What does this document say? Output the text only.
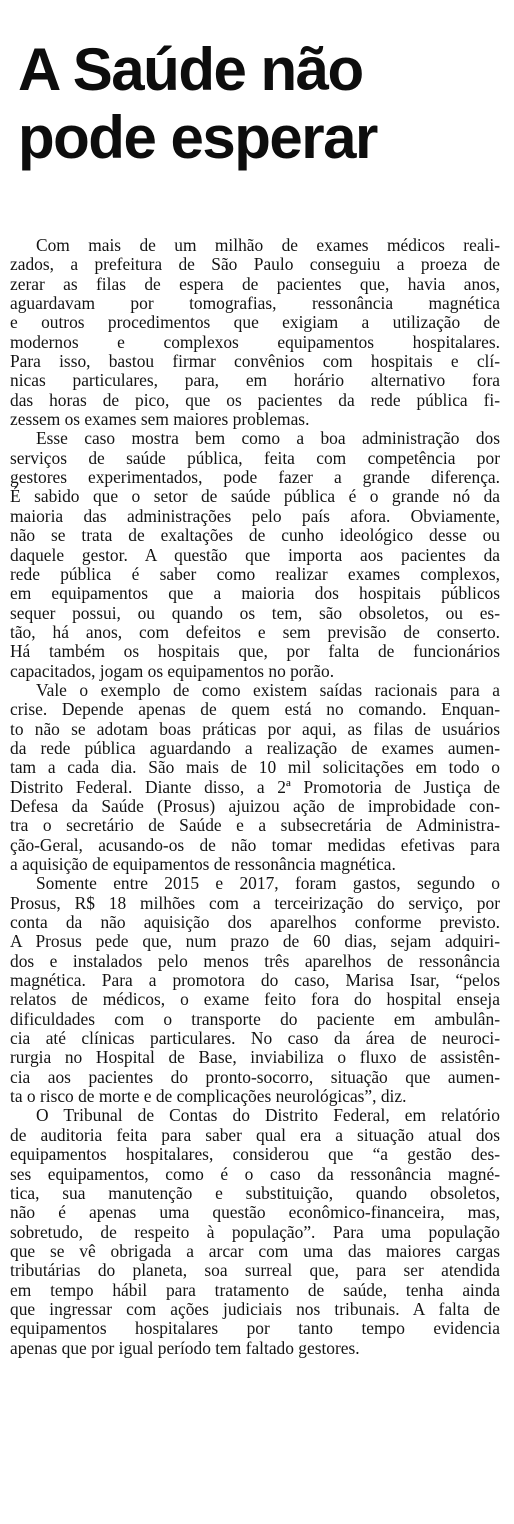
A Saúde não
pode esperar
Com mais de um milhão de exames médicos reali-
zados, a prefeitura de São Paulo conseguiu a proeza de
zerar as filas de espera de pacientes que, havia anos,
aguardavam por tomografias, ressonância magnética
e outros procedimentos que exigiam a utilização de
modernos e complexos equipamentos hospitalares.
Para isso, bastou firmar convênios com hospitais e clí-
nicas particulares, para, em horário alternativo fora
das horas de pico, que os pacientes da rede pública fi-
zessem os exames sem maiores problemas.
Esse caso mostra bem como a boa administração dos
serviços de saúde pública, feita com competência por
gestores experimentados, pode fazer a grande diferença.
É sabido que o setor de saúde pública é o grande nó da
maioria das administrações pelo país afora. Obviamente,
não se trata de exaltações de cunho ideológico desse ou
daquele gestor. A questão que importa aos pacientes da
rede pública é saber como realizar exames complexos,
em equipamentos que a maioria dos hospitais públicos
sequer possui, ou quando os tem, são obsoletos, ou es-
tão, há anos, com defeitos e sem previsão de conserto.
Há também os hospitais que, por falta de funcionários
capacitados, jogam os equipamentos no porão.
Vale o exemplo de como existem saídas racionais para a
crise. Depende apenas de quem está no comando. Enquan-
to não se adotam boas práticas por aqui, as filas de usuários
da rede pública aguardando a realização de exames aumen-
tam a cada dia. São mais de 10 mil solicitações em todo o
Distrito Federal. Diante disso, a 2ª Promotoria de Justiça de
Defesa da Saúde (Prosus) ajuizou ação de improbidade con-
tra o secretário de Saúde e a subsecretária de Administra-
ção-Geral, acusando-os de não tomar medidas efetivas para
a aquisição de equipamentos de ressonância magnética.
Somente entre 2015 e 2017, foram gastos, segundo o
Prosus, R$ 18 milhões com a terceirização do serviço, por
conta da não aquisição dos aparelhos conforme previsto.
A Prosus pede que, num prazo de 60 dias, sejam adquiri-
dos e instalados pelo menos três aparelhos de ressonância
magnética. Para a promotora do caso, Marisa Isar, “pelos
relatos de médicos, o exame feito fora do hospital enseja
dificuldades com o transporte do paciente em ambulân-
cia até clínicas particulares. No caso da área de neuroci-
rurgia no Hospital de Base, inviabiliza o fluxo de assistên-
cia aos pacientes do pronto-socorro, situação que aumen-
ta o risco de morte e de complicações neurológicas”, diz.
O Tribunal de Contas do Distrito Federal, em relatório
de auditoria feita para saber qual era a situação atual dos
equipamentos hospitalares, considerou que “a gestão des-
ses equipamentos, como é o caso da ressonância magné-
tica, sua manutenção e substituição, quando obsoletos,
não é apenas uma questão econômico-financeira, mas,
sobretudo, de respeito à população”. Para uma população
que se vê obrigada a arcar com uma das maiores cargas
tributárias do planeta, soa surreal que, para ser atendida
em tempo hábil para tratamento de saúde, tenha ainda
que ingressar com ações judiciais nos tribunais. A falta de
equipamentos hospitalares por tanto tempo evidencia
apenas que por igual período tem faltado gestores.
